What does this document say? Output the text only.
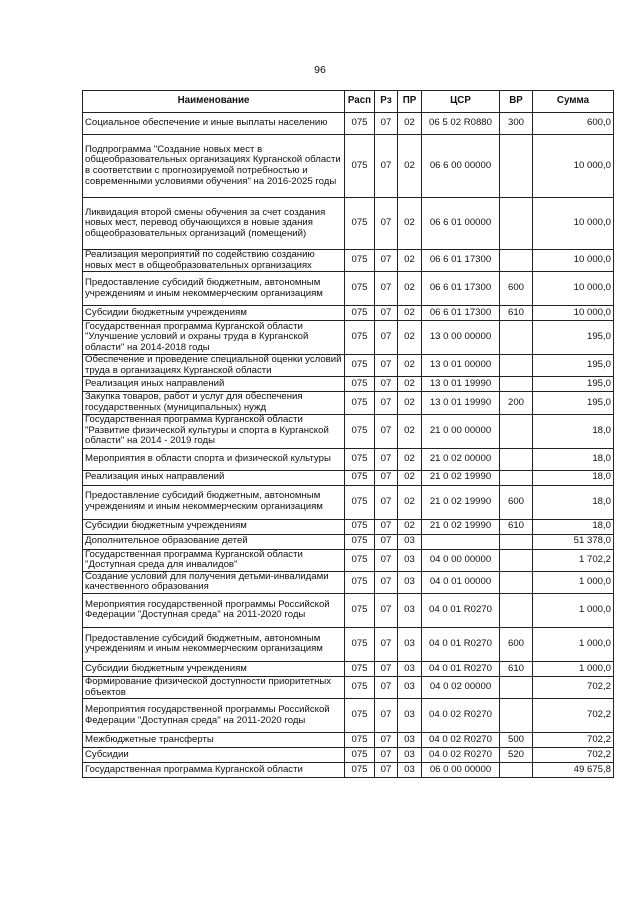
96
Наименование	Расп	Рз	ПР	ЦСР	ВР	Сумма
Социальное обеспечение и иные выплаты населению	075	07	02	06 5 02 R0880	300	600,0
Подпрограмма "Создание новых мест в общеобразовательных организациях Курганской области в соответствии с прогнозируемой потребностью и современными условиями обучения" на 2016-2025 годы	075	07	02	06 6 00 00000		10 000,0
Ликвидация второй смены обучения за счет создания новых мест, перевод обучающихся в новые здания общеобразовательных организаций (помещений)	075	07	02	06 6 01 00000		10 000,0
Реализация мероприятий по содействию созданию новых мест в общеобразовательных организациях	075	07	02	06 6 01 17300		10 000,0
Предоставление субсидий бюджетным, автономным учреждениям и иным некоммерческим организациям	075	07	02	06 6 01 17300	600	10 000,0
Субсидии бюджетным учреждениям	075	07	02	06 6 01 17300	610	10 000,0
Государственная программа Курганской области "Улучшение условий и охраны труда в Курганской области" на 2014-2018 годы	075	07	02	13 0 00 00000		195,0
Обеспечение и проведение специальной оценки условий труда в организациях Курганской области	075	07	02	13 0 01 00000		195,0
Реализация иных направлений	075	07	02	13 0 01 19990		195,0
Закупка товаров, работ и услуг для обеспечения государственных (муниципальных) нужд	075	07	02	13 0 01 19990	200	195,0
Государственная программа Курганской области "Развитие физической культуры и спорта в Курганской области" на 2014 - 2019 годы	075	07	02	21 0 00 00000		18,0
Мероприятия в области спорта и физической культуры	075	07	02	21 0 02 00000		18,0
Реализация иных направлений	075	07	02	21 0 02 19990		18,0
Предоставление субсидий бюджетным, автономным учреждениям и иным некоммерческим организациям	075	07	02	21 0 02 19990	600	18,0
Субсидии бюджетным учреждениям	075	07	02	21 0 02 19990	610	18,0
Дополнительное образование детей	075	07	03			51 378,0
Государственная программа Курганской области "Доступная среда для инвалидов"	075	07	03	04 0 00 00000		1 702,2
Создание условий для получения детьми-инвалидами качественного образования	075	07	03	04 0 01 00000		1 000,0
Мероприятия государственной программы Российской Федерации "Доступная среда" на 2011-2020 годы	075	07	03	04 0 01 R0270		1 000,0
Предоставление субсидий бюджетным, автономным учреждениям и иным некоммерческим организациям	075	07	03	04 0 01 R0270	600	1 000,0
Субсидии бюджетным учреждениям	075	07	03	04 0 01 R0270	610	1 000,0
Формирование физической доступности приоритетных объектов	075	07	03	04 0 02 00000		702,2
Мероприятия государственной программы Российской Федерации "Доступная среда" на 2011-2020 годы	075	07	03	04 0 02 R0270		702,2
Межбюджетные трансферты	075	07	03	04 0 02 R0270	500	702,2
Субсидии	075	07	03	04 0 02 R0270	520	702,2
Государственная программа Курганской области	075	07	03	06 0 00 00000		49 675,8
